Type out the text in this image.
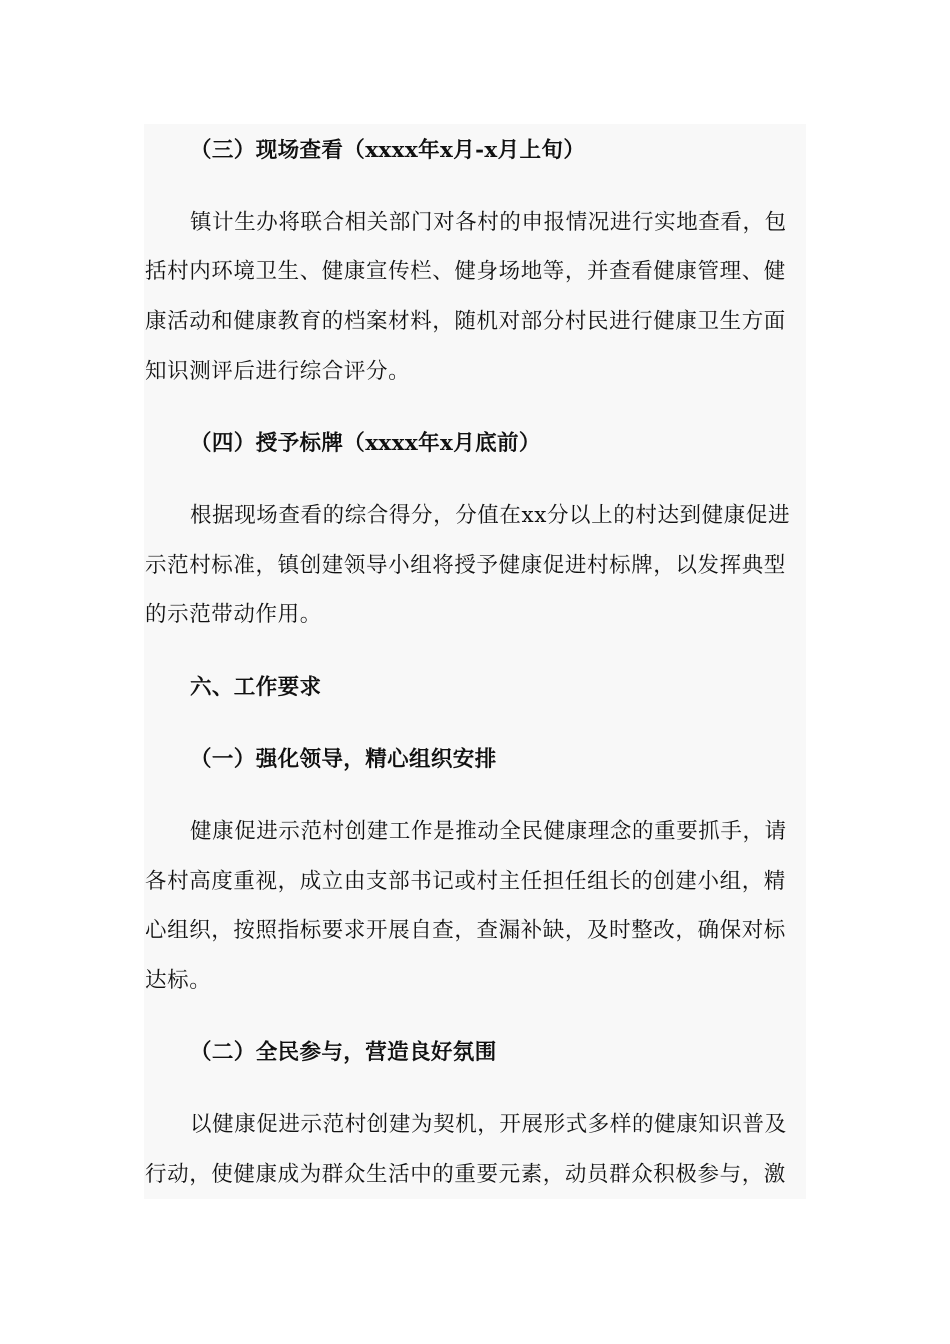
（三）现场查看（xxxx年x月-x月上旬）
镇计生办将联合相关部门对各村的申报情况进行实地查看，包
括村内环境卫生、健康宣传栏、健身场地等，并查看健康管理、健
康活动和健康教育的档案材料，随机对部分村民进行健康卫生方面
知识测评后进行综合评分。
（四）授予标牌（xxxx年x月底前）
根据现场查看的综合得分，分值在xx分以上的村达到健康促进
示范村标准，镇创建领导小组将授予健康促进村标牌，以发挥典型
的示范带动作用。
六、工作要求
（一）强化领导，精心组织安排
健康促进示范村创建工作是推动全民健康理念的重要抓手，请
各村高度重视，成立由支部书记或村主任担任组长的创建小组，精
心组织，按照指标要求开展自查，查漏补缺，及时整改，确保对标
达标。
（二）全民参与，营造良好氛围
以健康促进示范村创建为契机，开展形式多样的健康知识普及
行动，使健康成为群众生活中的重要元素，动员群众积极参与，激
